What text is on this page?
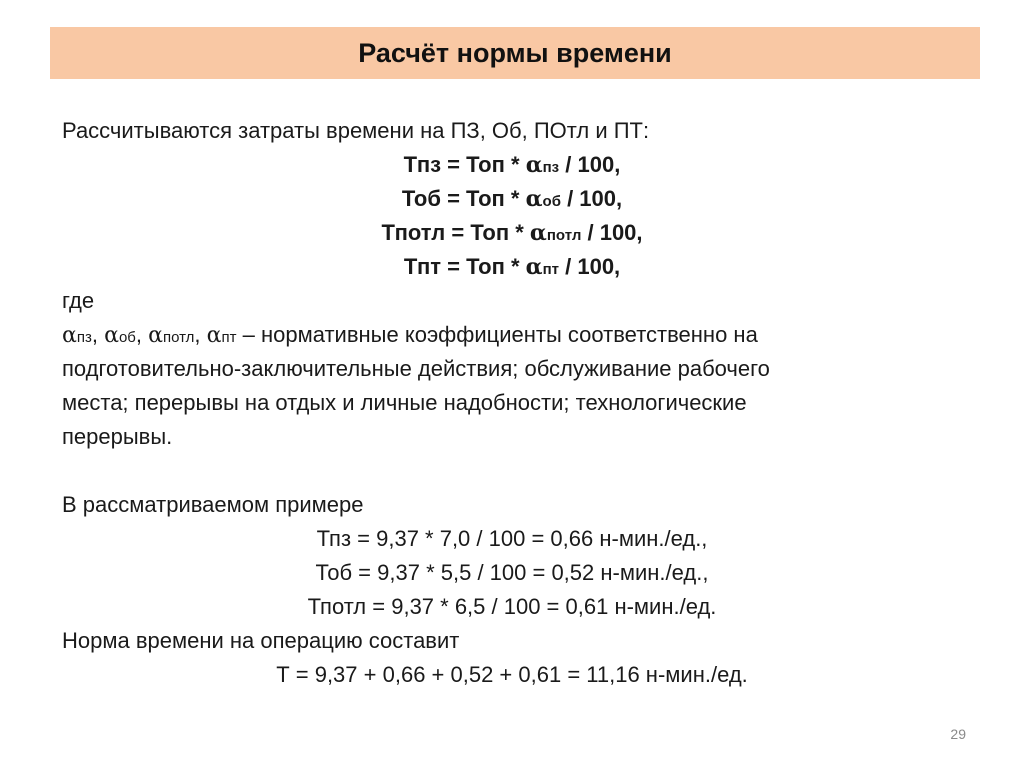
Расчёт нормы времени
Рассчитываются затраты времени на ПЗ, Об, ПОтл и ПТ:
Тпз = Топ * αпз / 100,
Тоб = Топ * αоб / 100,
Тпотл = Топ * αпотл / 100,
Тпт = Топ * αпт / 100,
где
αпз, αоб, αпотл, αпт – нормативные коэффициенты соответственно на
подготовительно-заключительные действия; обслуживание рабочего
места; перерывы на отдых и личные надобности; технологические
перерывы.
В рассматриваемом примере
Тпз = 9,37 * 7,0 / 100 = 0,66 н-мин./ед.,
Тоб = 9,37 * 5,5 / 100 = 0,52 н-мин./ед.,
Тпотл = 9,37 * 6,5 / 100 = 0,61 н-мин./ед.
Норма времени на операцию составит
Т = 9,37 + 0,66 + 0,52 + 0,61 = 11,16 н-мин./ед.
29
